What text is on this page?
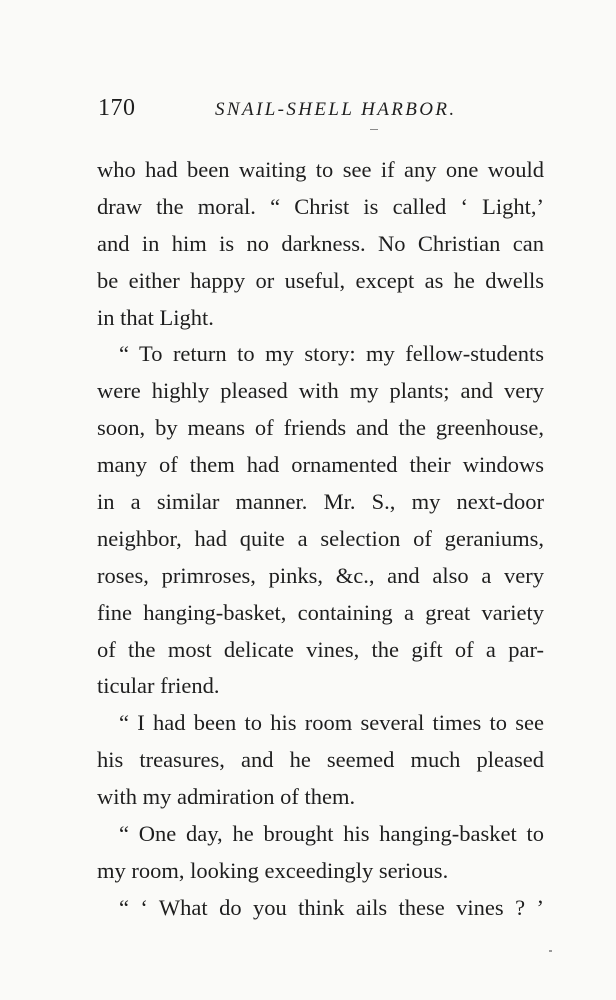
170	SNAIL-SHELL HARBOR.
who had been waiting to see if any one would
draw the moral. “ Christ is called ‘ Light,’
and in him is no darkness. No Christian can
be either happy or useful, except as he dwells
in that Light.
“ To return to my story: my fellow-students
were highly pleased with my plants; and very
soon, by means of friends and the greenhouse,
many of them had ornamented their windows
in a similar manner. Mr. S., my next-door
neighbor, had quite a selection of geraniums,
roses, primroses, pinks, &c., and also a very
fine hanging-basket, containing a great variety
of the most delicate vines, the gift of a par-
ticular friend.
“ I had been to his room several times to see
his treasures, and he seemed much pleased
with my admiration of them.
“ One day, he brought his hanging-basket to
my room, looking exceedingly serious.
“ ‘ What do you think ails these vines ? ’
